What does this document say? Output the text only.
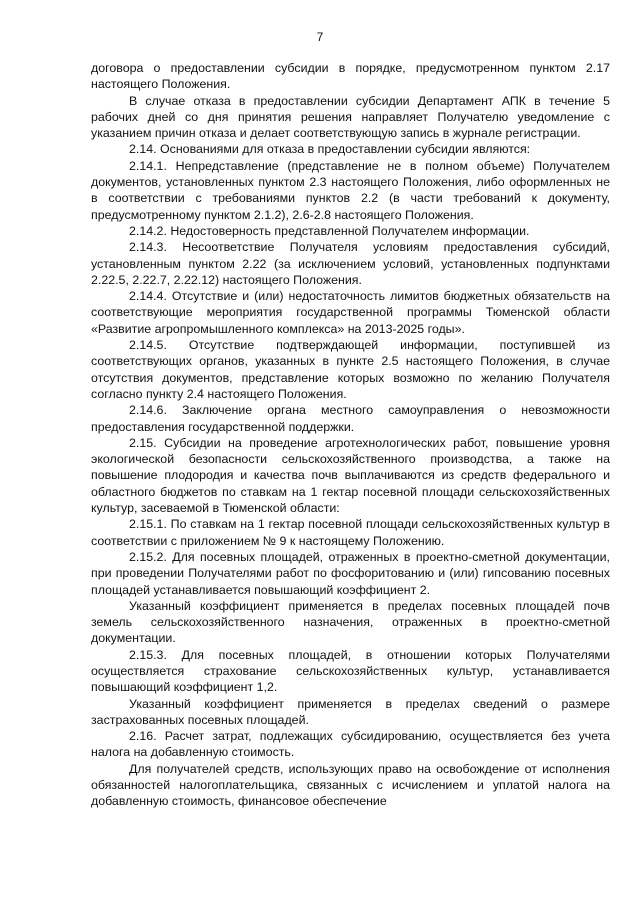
7

договора о предоставлении субсидии в порядке, предусмотренном пунктом 2.17 настоящего Положения.

В случае отказа в предоставлении субсидии Департамент АПК в течение 5 рабочих дней со дня принятия решения направляет Получателю уведомление с указанием причин отказа и делает соответствующую запись в журнале регистрации.

2.14. Основаниями для отказа в предоставлении субсидии являются:

2.14.1. Непредставление (представление не в полном объеме) Получателем документов, установленных пунктом 2.3 настоящего Положения, либо оформленных не в соответствии с требованиями пунктов 2.2 (в части требований к документу, предусмотренному пунктом 2.1.2), 2.6-2.8 настоящего Положения.

2.14.2. Недостоверность представленной Получателем информации.

2.14.3. Несоответствие Получателя условиям предоставления субсидий, установленным пунктом 2.22 (за исключением условий, установленных подпунктами 2.22.5, 2.22.7, 2.22.12) настоящего Положения.

2.14.4. Отсутствие и (или) недостаточность лимитов бюджетных обязательств на соответствующие мероприятия государственной программы Тюменской области «Развитие агропромышленного комплекса» на 2013-2025 годы».

2.14.5. Отсутствие подтверждающей информации, поступившей из соответствующих органов, указанных в пункте 2.5 настоящего Положения, в случае отсутствия документов, представление которых возможно по желанию Получателя согласно пункту 2.4 настоящего Положения.

2.14.6. Заключение органа местного самоуправления о невозможности предоставления государственной поддержки.

2.15. Субсидии на проведение агротехнологических работ, повышение уровня экологической безопасности сельскохозяйственного производства, а также на повышение плодородия и качества почв выплачиваются из средств федерального и областного бюджетов по ставкам на 1 гектар посевной площади сельскохозяйственных культур, засеваемой в Тюменской области:

2.15.1. По ставкам на 1 гектар посевной площади сельскохозяйственных культур в соответствии с приложением № 9 к настоящему Положению.

2.15.2. Для посевных площадей, отраженных в проектно-сметной документации, при проведении Получателями работ по фосфоритованию и (или) гипсованию посевных площадей устанавливается повышающий коэффициент 2.

Указанный коэффициент применяется в пределах посевных площадей почв земель сельскохозяйственного назначения, отраженных в проектно-сметной документации.

2.15.3. Для посевных площадей, в отношении которых Получателями осуществляется страхование сельскохозяйственных культур, устанавливается повышающий коэффициент 1,2.

Указанный коэффициент применяется в пределах сведений о размере застрахованных посевных площадей.

2.16. Расчет затрат, подлежащих субсидированию, осуществляется без учета налога на добавленную стоимость.

Для получателей средств, использующих право на освобождение от исполнения обязанностей налогоплательщика, связанных с исчислением и уплатой налога на добавленную стоимость, финансовое обеспечение
